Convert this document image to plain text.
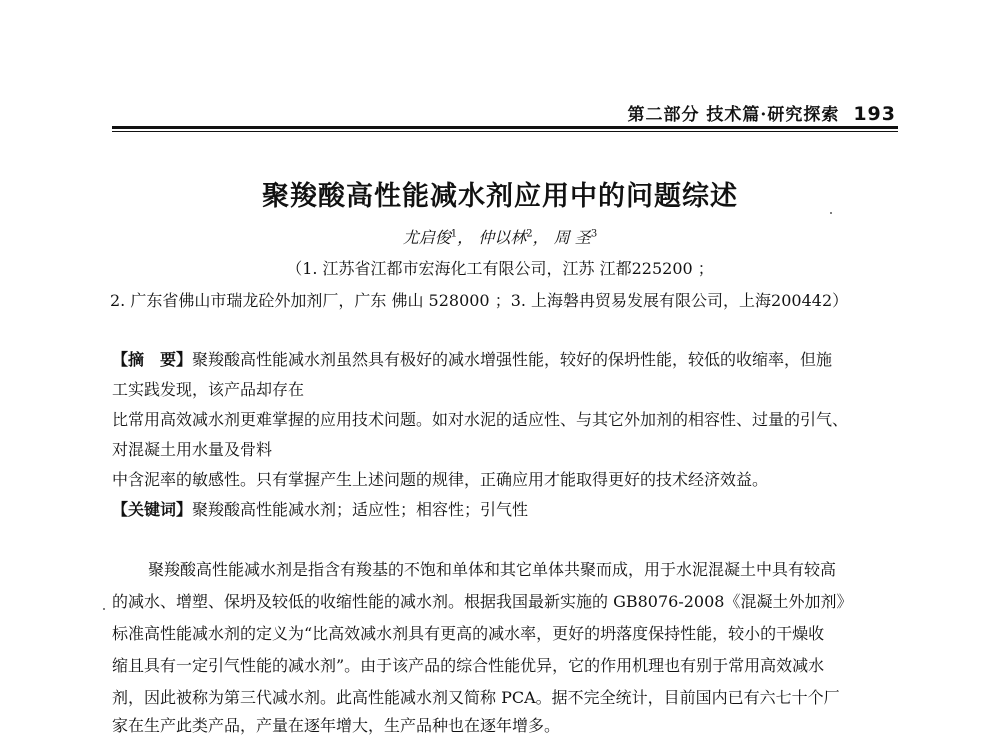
第二部分 技术篇·研究探索 193
聚羧酸高性能减水剂应用中的问题综述
尤启俊$^1$， 仲以林$^2$， 周 圣$^3$
（1. 江苏省江都市宏海化工有限公司，江苏 江都225200 ；
2. 广东省佛山市瑞龙砼外加剂厂，广东 佛山 528000 ；3. 上海磐冉贸易发展有限公司，上海200442）
【摘　要】聚羧酸高性能减水剂虽然具有极好的减水增强性能，较好的保坍性能，较低的收缩率，但施
工实践发现，该产品却存在
比常用高效减水剂更难掌握的应用技术问题。如对水泥的适应性、与其它外加剂的相容性、过量的引气、
对混凝土用水量及骨料
中含泥率的敏感性。只有掌握产生上述问题的规律，正确应用才能取得更好的技术经济效益。
【关键词】聚羧酸高性能减水剂；适应性；相容性；引气性
聚羧酸高性能减水剂是指含有羧基的不饱和单体和其它单体共聚而成，用于水泥混凝土中具有较高
的减水、增塑、保坍及较低的收缩性能的减水剂。根据我国最新实施的 GB8076-2008《混凝土外加剂》
标准高性能减水剂的定义为“比高效减水剂具有更高的减水率，更好的坍落度保持性能，较小的干燥收
缩且具有一定引气性能的减水剂”。由于该产品的综合性能优异，它的作用机理也有别于常用高效减水
剂，因此被称为第三代减水剂。此高性能减水剂又简称 PCA。据不完全统计，目前国内已有六七十个厂
家在生产此类产品，产量在逐年增大，生产品种也在逐年增多。
